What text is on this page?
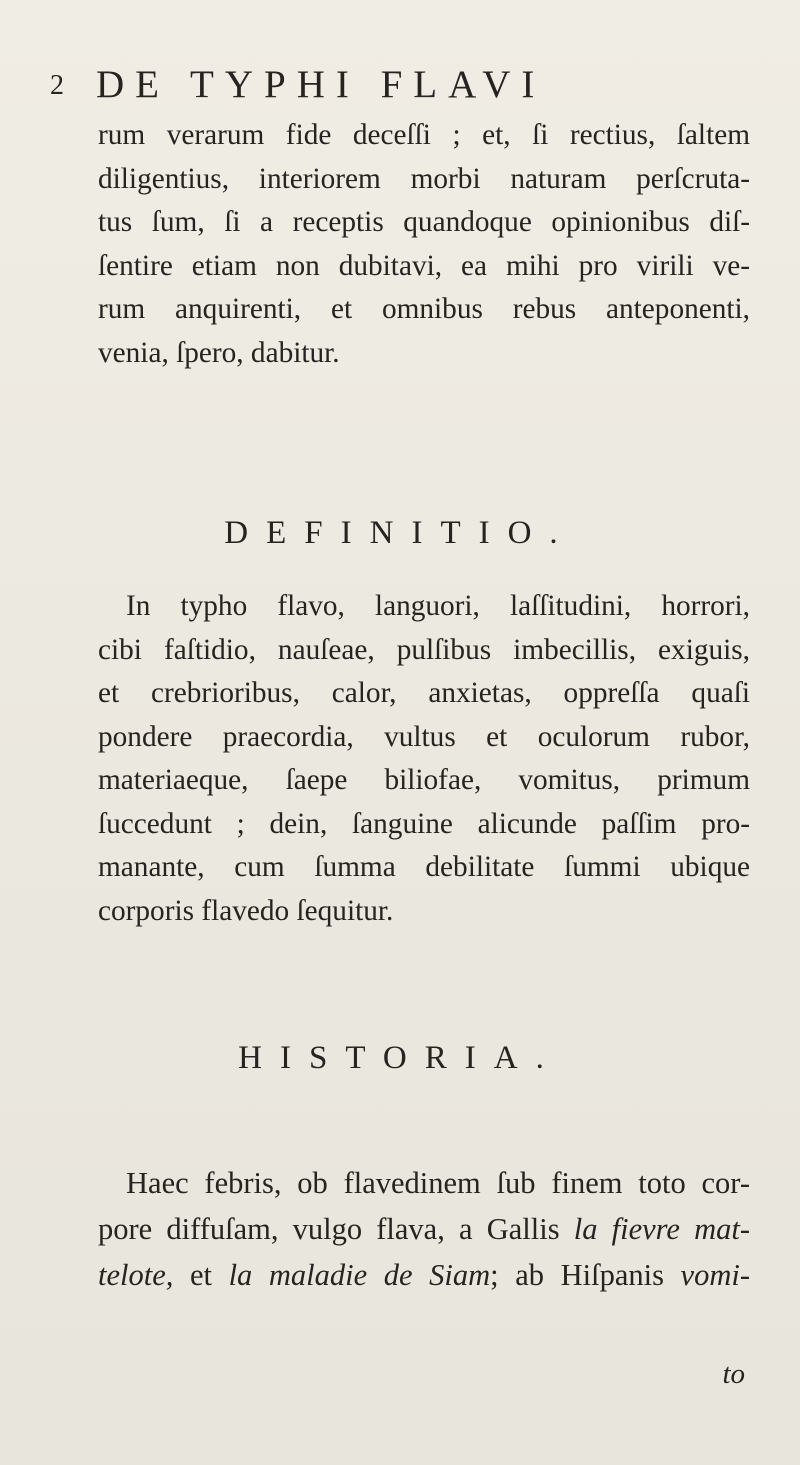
2 DE TYPHI FLAVI
rum verarum fide deceſſi ; et, ſi rectius, ſaltem
diligentius, interiorem morbi naturam perſcruta-
tus ſum, ſi a receptis quandoque opinionibus diſ-
ſentire etiam non dubitavi, ea mihi pro virili ve-
rum anquirenti, et omnibus rebus anteponenti,
venia, ſpero, dabitur.
DEFINITIO.
In typho flavo, languori, laſſitudini, horrori,
cibi faſtidio, nauſeae, pulſibus imbecillis, exiguis,
et crebrioribus, calor, anxietas, oppreſſa quaſi
pondere praecordia, vultus et oculorum rubor,
materiaeque, ſaepe biliofae, vomitus, primum
ſuccedunt ; dein, ſanguine alicunde paſſim pro-
manante, cum ſumma debilitate ſummi ubique
corporis flavedo ſequitur.
HISTORIA.
Haec febris, ob flavedinem ſub finem toto cor-
pore diffuſam, vulgo flava, a Gallis la fievre mat-
telote, et la maladie de Siam; ab Hiſpanis vomi-
to
